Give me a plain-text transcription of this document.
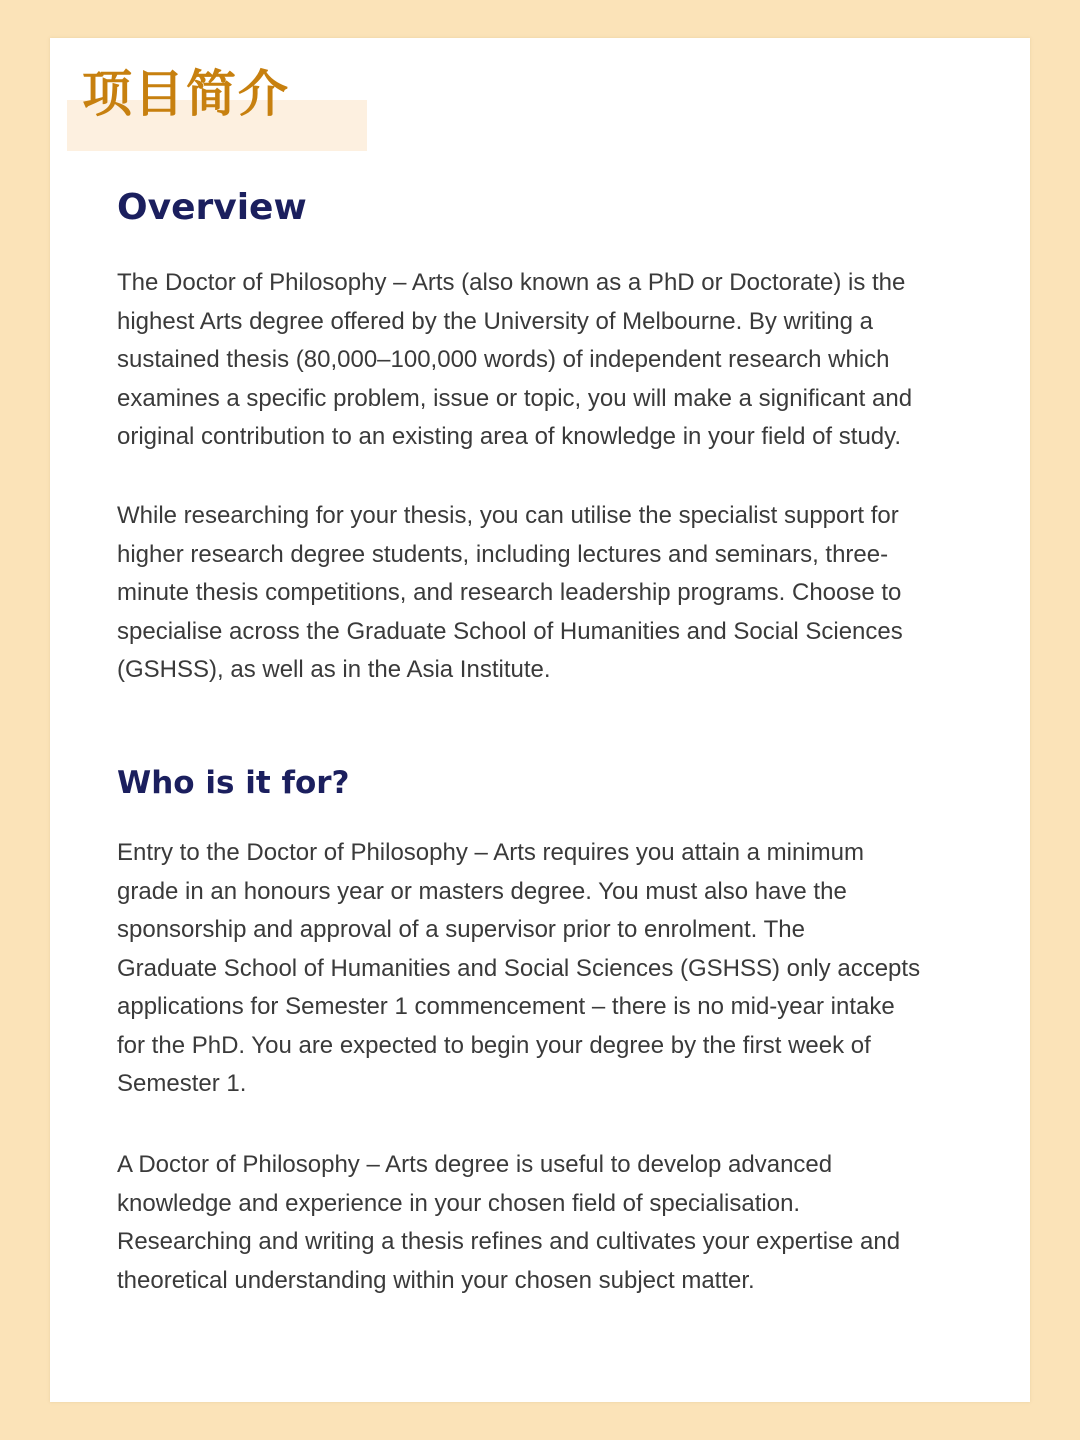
项目简介
Overview

The Doctor of Philosophy – Arts (also known as a PhD or Doctorate) is the
highest Arts degree offered by the University of Melbourne. By writing a
sustained thesis (80,000–100,000 words) of independent research which
examines a specific problem, issue or topic, you will make a significant and
original contribution to an existing area of knowledge in your field of study.

While researching for your thesis, you can utilise the specialist support for
higher research degree students, including lectures and seminars, three-
minute thesis competitions, and research leadership programs. Choose to
specialise across the Graduate School of Humanities and Social Sciences
(GSHSS), as well as in the Asia Institute.

Who is it for?

Entry to the Doctor of Philosophy – Arts requires you attain a minimum
grade in an honours year or masters degree. You must also have the
sponsorship and approval of a supervisor prior to enrolment. The
Graduate School of Humanities and Social Sciences (GSHSS) only accepts
applications for Semester 1 commencement – there is no mid-year intake
for the PhD. You are expected to begin your degree by the first week of
Semester 1.

A Doctor of Philosophy – Arts degree is useful to develop advanced
knowledge and experience in your chosen field of specialisation.
Researching and writing a thesis refines and cultivates your expertise and
theoretical understanding within your chosen subject matter.
